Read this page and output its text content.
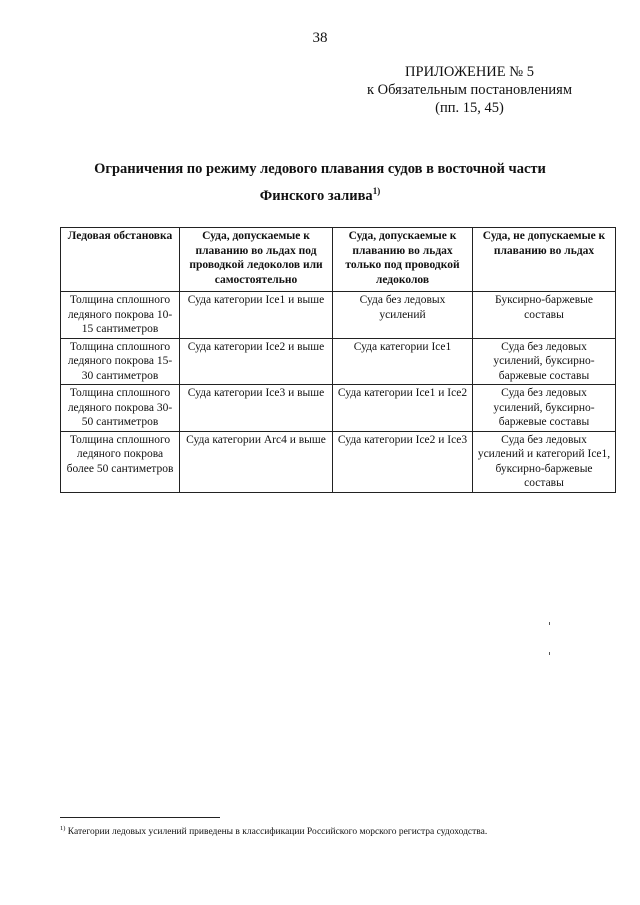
38
ПРИЛОЖЕНИЕ № 5
к Обязательным постановлениям
(пп. 15, 45)
Ограничения по режиму ледового плавания судов в восточной части Финского залива$^{1)}$
Ледовая обстановка	Суда, допускаемые к плаванию во льдах под проводкой ледоколов или самостоятельно	Суда, допускаемые к плаванию во льдах только под проводкой ледоколов	Суда, не допускаемые к плаванию во льдах
Толщина сплошного ледяного покрова 10-15 сантиметров	Суда категории Ice1 и выше	Суда без ледовых усилений	Буксирно-баржевые составы
Толщина сплошного ледяного покрова 15-30 сантиметров	Суда категории Ice2 и выше	Суда категории Ice1	Суда без ледовых усилений, буксирно-баржевые составы
Толщина сплошного ледяного покрова 30-50 сантиметров	Суда категории Ice3 и выше	Суда категории Ice1 и Ice2	Суда без ледовых усилений, буксирно-баржевые составы
Толщина сплошного ледяного покрова более 50 сантиметров	Суда категории Arc4 и выше	Суда категории Ice2 и Ice3	Суда без ледовых усилений и категорий Ice1, буксирно-баржевые составы
$^{1)}$ Категории ледовых усилений приведены в классификации Российского морского регистра судоходства.
